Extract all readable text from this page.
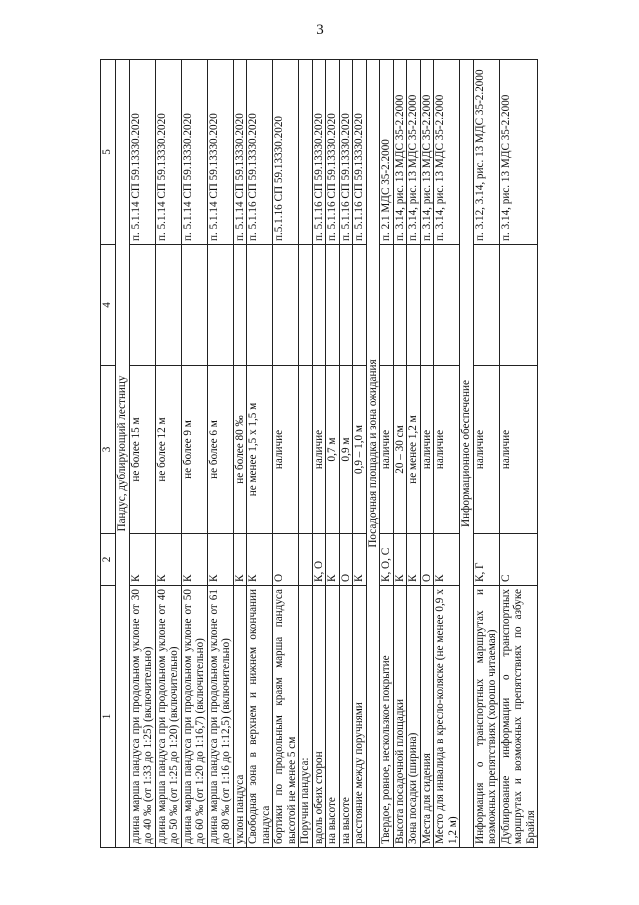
3
1	2	3	4	5
Пандус, дублирующий лестницу				
длина марша пандуса при продольном уклоне от 30 до 40 ‰ (от 1:33 до 1:25) (включительно)	К	не более 15 м		п. 5.1.14 СП 59.13330.2020
длина марша пандуса при продольном уклоне от 40 до 50 ‰ (от 1:25 до 1:20) (включительно)	К	не более 12 м		п. 5.1.14 СП 59.13330.2020
длина марша пандуса при продольном уклоне от 50 до 60 ‰ (от 1:20 до 1:16,7) (включительно)	К	не более 9 м		п. 5.1.14 СП 59.13330.2020
длина марша пандуса при продольном уклоне от 61 до 80 ‰ (от 1:16 до 1:12,5) (включительно)	К	не более 6 м		п. 5.1.14 СП 59.13330.2020
уклон пандуса	К	не более 80 ‰		п. 5.1.14 СП 59.13330.2020
Свободная зона в верхнем и нижнем окончании пандуса	К	не менее 1,5 х 1,5 м		п. 5.1.16 СП 59.13330.2020
бортики по продольным краям марша пандуса высотой не менее 5 см	О	наличие		п.5.1.16 СП 59.13330.2020
Поручни пандуса:				
вдоль обеих сторон	К, О	наличие		п. 5.1.16 СП 59.13330.2020
на высоте	К	0,7 м		п. 5.1.16 СП 59.13330.2020
на высоте	О	0,9 м		п. 5.1.16 СП 59.13330.2020
расстояние между поручнями	К	0,9 – 1,0 м		п. 5.1.16 СП 59.13330.2020
Посадочная площадка и зона ожидания				
Твердое, ровное, нескользкое покрытие	К, О, С	наличие		п. 2.1 МДС 35-2.2000
Высота посадочной площадки	К	20 – 30 см		п. 3.14, рис. 13 МДС 35-2.2000
Зона посадки (ширина)	К	не менее 1,2 м		п. 3.14, рис. 13 МДС 35-2.2000
Места для сидения	О	наличие		п. 3.14, рис. 13 МДС 35-2.2000
Место для инвалида в кресло-коляске (не менее 0,9 х 1,2 м)	К	наличие		п. 3.14, рис. 13 МДС 35-2.2000
Информационное обеспечение				
Информация о транспортных маршрутах и возможных препятствиях (хорошо читаемая)	К, Г	наличие		п. 3.12, 3.14, рис. 13 МДС 35-2.2000
Дублирование информации о транспортных маршрутах и возможных препятствиях по азбуке Брайля	С	наличие		п. 3.14, рис. 13 МДС 35-2.2000
